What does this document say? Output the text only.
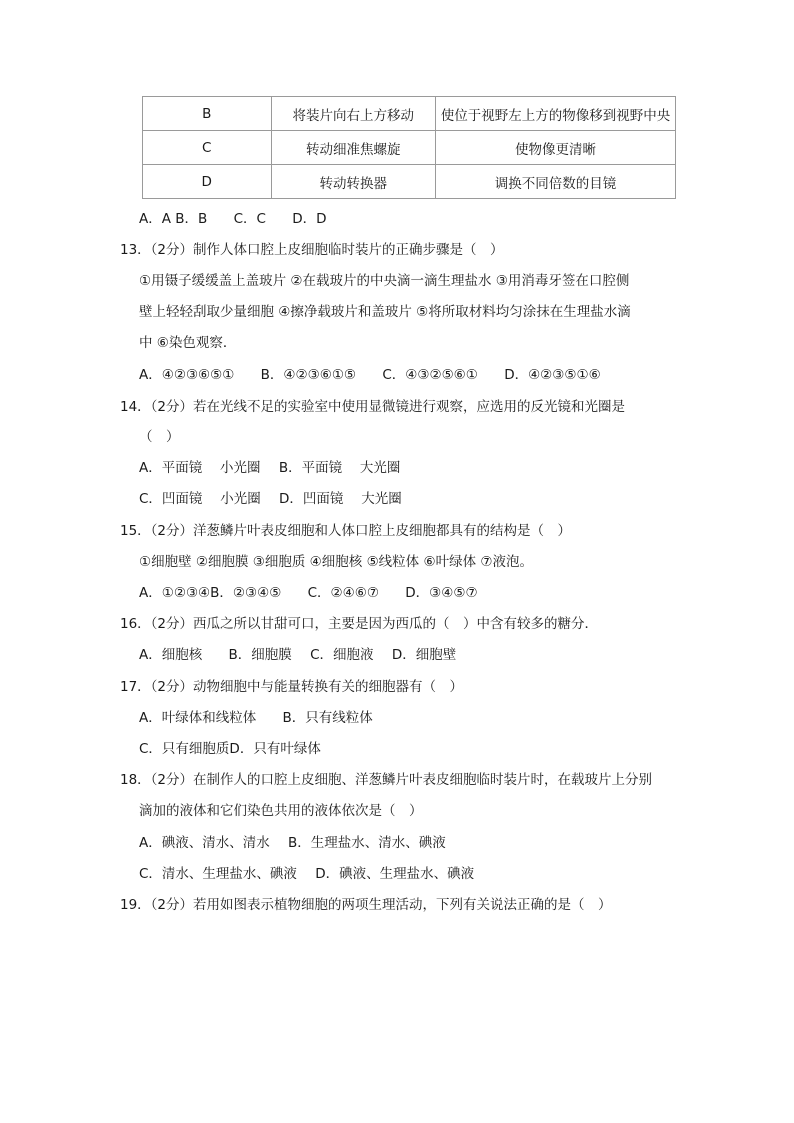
B	将装片向右上方移动	使位于视野左上方的物像移到视野中央
C	转动细准焦螺旋	使物像更清晰
D	转动转换器	调换不同倍数的目镜
A．A B．B C．C D．D
13．（2分）制作人体口腔上皮细胞临时装片的正确步骤是（　）
①用镊子缓缓盖上盖玻片 ②在载玻片的中央滴一滴生理盐水 ③用消毒牙签在口腔侧
壁上轻轻刮取少量细胞 ④擦净载玻片和盖玻片 ⑤将所取材料均匀涂抹在生理盐水滴
中 ⑥染色观察．
A．④②③⑥⑤① B．④②③⑥①⑤ C．④③②⑤⑥① D．④②③⑤①⑥
14．（2分）若在光线不足的实验室中使用显微镜进行观察，应选用的反光镜和光圈是
（　）
A．平面镜　 小光圈 B．平面镜　 大光圈
C．凹面镜　 小光圈 D．凹面镜　 大光圈
15．（2分）洋葱鳞片叶表皮细胞和人体口腔上皮细胞都具有的结构是（　）
①细胞壁 ②细胞膜 ③细胞质 ④细胞核 ⑤线粒体 ⑥叶绿体 ⑦液泡。
A．①②③④B．②③④⑤ C．②④⑥⑦ D．③④⑤⑦
16．（2分）西瓜之所以甘甜可口，主要是因为西瓜的（　）中含有较多的糖分．
A．细胞核 B．细胞膜 C．细胞液 D．细胞壁
17．（2分）动物细胞中与能量转换有关的细胞器有（　）
A．叶绿体和线粒体 B．只有线粒体
C．只有细胞质D．只有叶绿体
18．（2分）在制作人的口腔上皮细胞、洋葱鳞片叶表皮细胞临时装片时，在载玻片上分别
滴加的液体和它们染色共用的液体依次是（　）
A．碘液、清水、清水 B．生理盐水、清水、碘液
C．清水、生理盐水、碘液 D．碘液、生理盐水、碘液
19．（2分）若用如图表示植物细胞的两项生理活动，下列有关说法正确的是（　）
